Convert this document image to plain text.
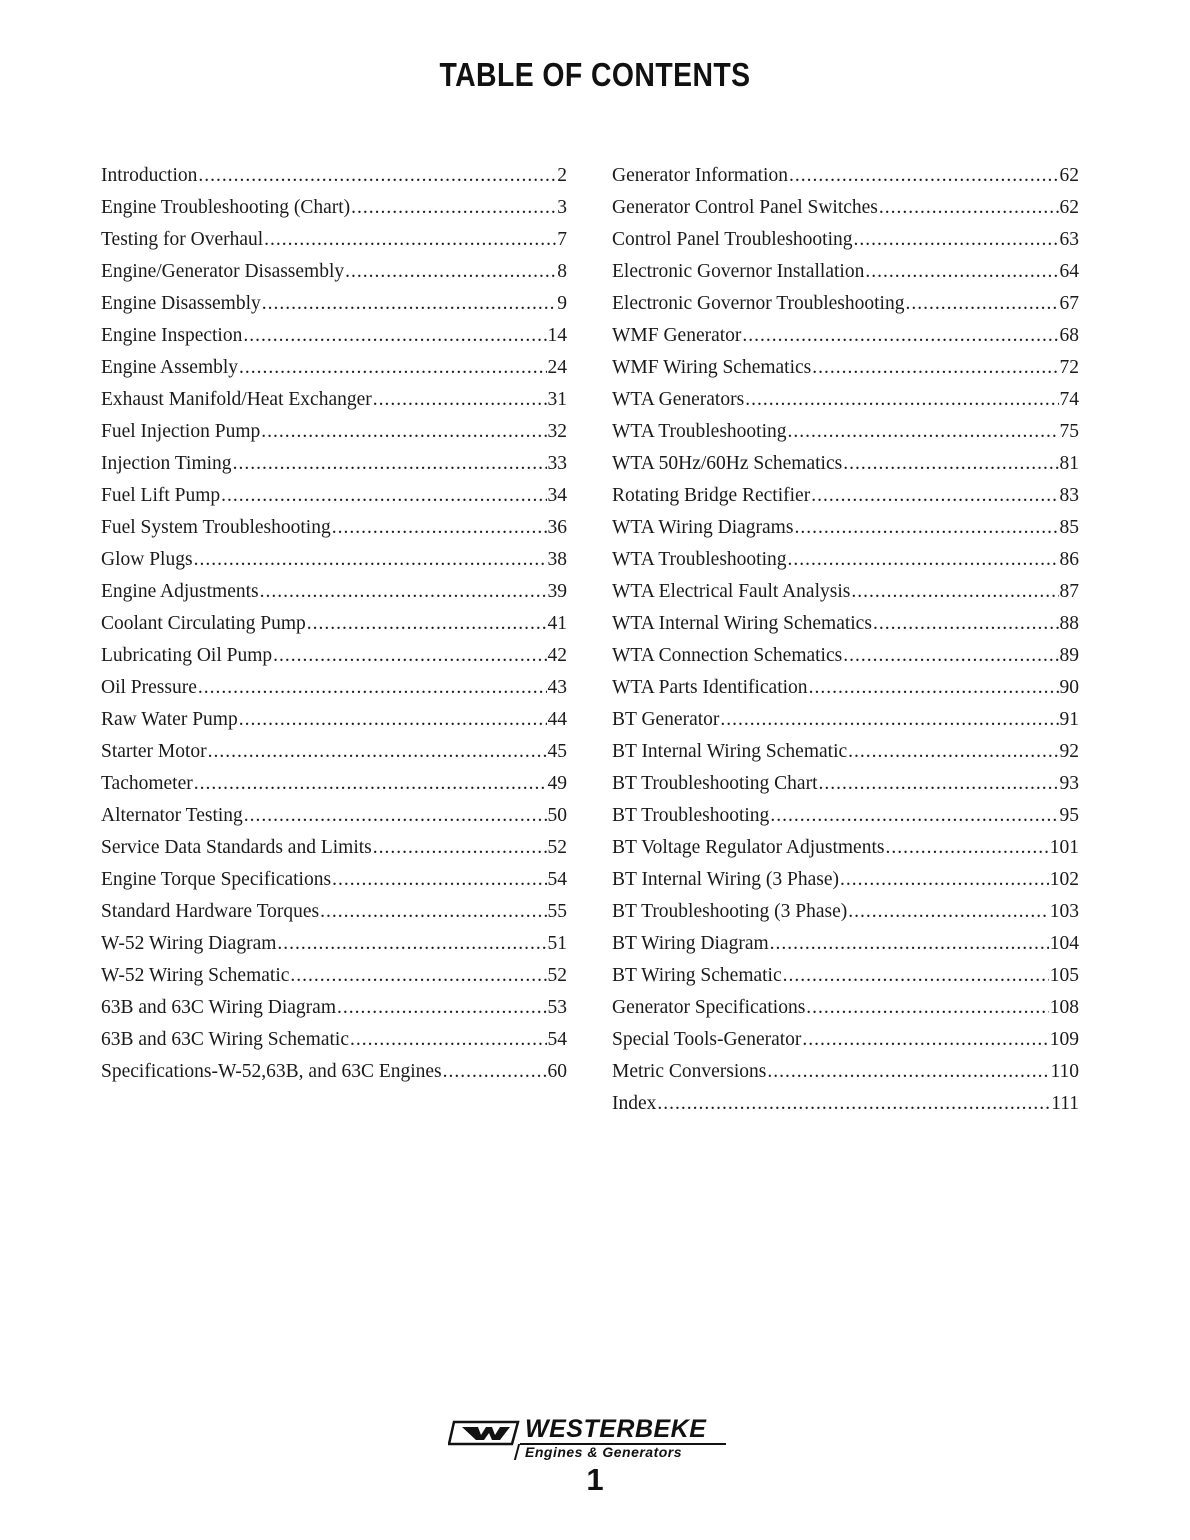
TABLE OF CONTENTS
Introduction .....	2
Engine Troubleshooting (Chart) .....	3
Testing for Overhaul .....	7
Engine/Generator Disassembly .....	8
Engine Disassembly .....	9
Engine Inspection .....	14
Engine Assembly .....	24
Exhaust Manifold/Heat Exchanger .....	31
Fuel Injection Pump .....	32
Injection Timing .....	33
Fuel Lift Pump .....	34
Fuel System Troubleshooting .....	36
Glow Plugs .....	38
Engine Adjustments .....	39
Coolant Circulating Pump .....	41
Lubricating Oil Pump .....	42
Oil Pressure .....	43
Raw Water Pump .....	44
Starter Motor .....	45
Tachometer .....	49
Alternator Testing .....	50
Service Data Standards and Limits .....	52
Engine Torque Specifications .....	54
Standard Hardware Torques .....	55
W-52 Wiring Diagram .....	51
W-52 Wiring Schematic .....	52
63B and 63C Wiring Diagram .....	53
63B and 63C Wiring Schematic .....	54
Specifications-W-52,63B, and 63C Engines .....	60
Generator Information .....	62
Generator Control Panel Switches .....	62
Control Panel Troubleshooting .....	63
Electronic Governor Installation .....	64
Electronic Governor Troubleshooting .....	67
WMF Generator .....	68
WMF Wiring Schematics .....	72
WTA Generators .....	74
WTA Troubleshooting .....	75
WTA 50Hz/60Hz Schematics .....	81
Rotating Bridge Rectifier .....	83
WTA Wiring Diagrams .....	85
WTA Troubleshooting .....	86
WTA Electrical Fault Analysis .....	87
WTA Internal Wiring Schematics .....	88
WTA Connection Schematics .....	89
WTA Parts Identification .....	90
BT Generator .....	91
BT Internal Wiring Schematic .....	92
BT Troubleshooting Chart .....	93
BT Troubleshooting .....	95
BT Voltage Regulator Adjustments .....	101
BT Internal Wiring (3 Phase) .....	102
BT Troubleshooting (3 Phase) .....	103
BT Wiring Diagram .....	104
BT Wiring Schematic .....	105
Generator Specifications .....	108
Special Tools-Generator .....	109
Metric Conversions .....	110
Index .....	111
WESTERBEKE
Engines & Generators
1
